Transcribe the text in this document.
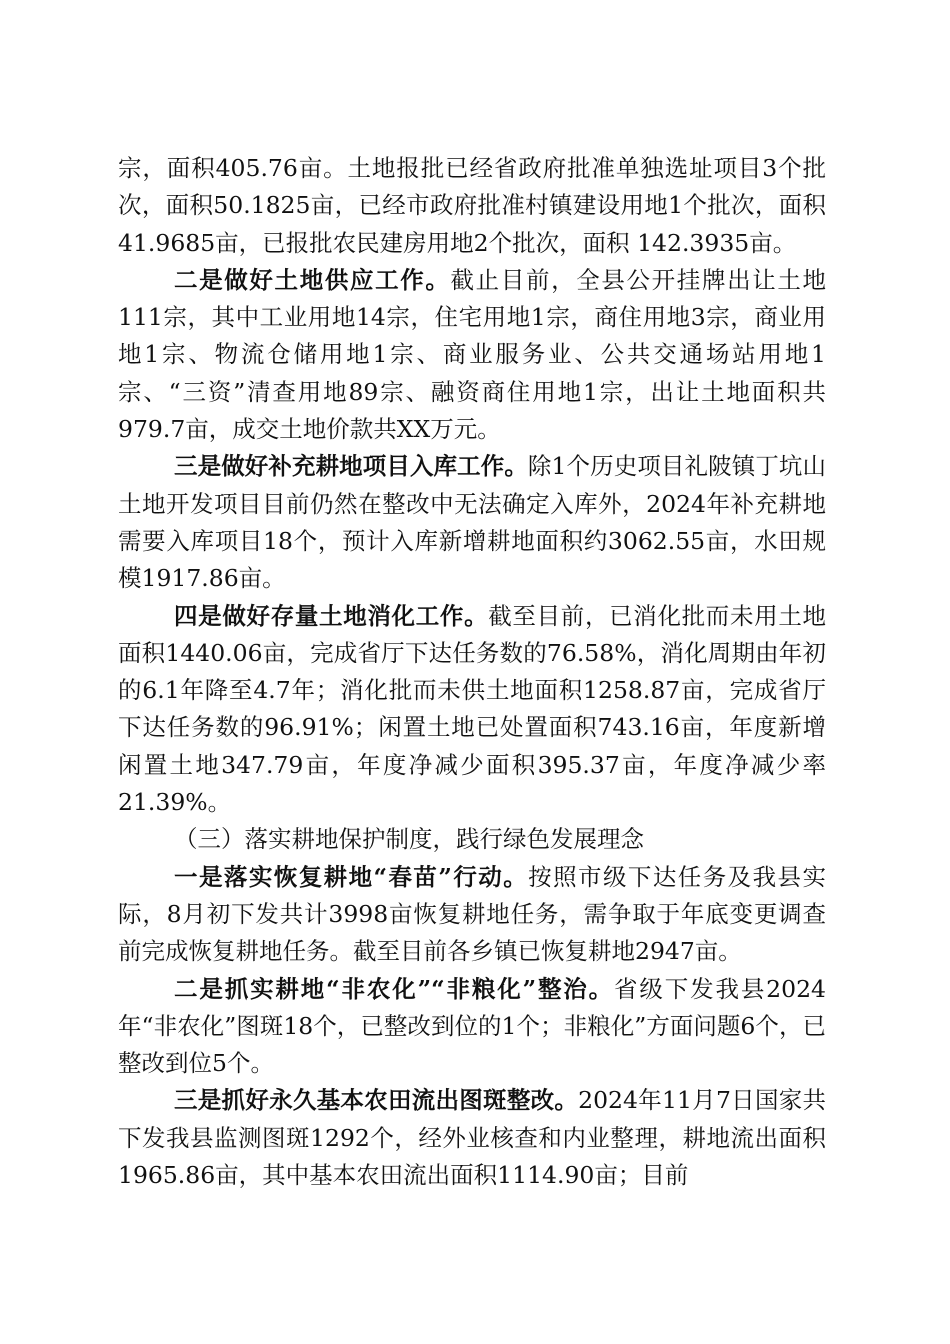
宗，面积405.76亩。土地报批已经省政府批准单独选址项目3个批次，面积50.1825亩，已经市政府批准村镇建设用地1个批次，面积41.9685亩，已报批农民建房用地2个批次，面积 142.3935亩。

二是做好土地供应工作。截止目前，全县公开挂牌出让土地111宗，其中工业用地14宗，住宅用地1宗，商住用地3宗，商业用地1宗、物流仓储用地1宗、商业服务业、公共交通场站用地1宗、“三资”清查用地89宗、融资商住用地1宗，出让土地面积共979.7亩，成交土地价款共XX万元。

三是做好补充耕地项目入库工作。除1个历史项目礼陂镇丁坑山土地开发项目目前仍然在整改中无法确定入库外，2024年补充耕地需要入库项目18个，预计入库新增耕地面积约3062.55亩，水田规模1917.86亩。

四是做好存量土地消化工作。截至目前，已消化批而未用土地面积1440.06亩，完成省厅下达任务数的76.58%，消化周期由年初的6.1年降至4.7年；消化批而未供土地面积1258.87亩，完成省厅下达任务数的96.91%；闲置土地已处置面积743.16亩，年度新增闲置土地347.79亩，年度净减少面积395.37亩，年度净减少率21.39%。

（三）落实耕地保护制度，践行绿色发展理念

一是落实恢复耕地“春苗”行动。按照市级下达任务及我县实际，8月初下发共计3998亩恢复耕地任务，需争取于年底变更调查前完成恢复耕地任务。截至目前各乡镇已恢复耕地2947亩。

二是抓实耕地“非农化”“非粮化”整治。省级下发我县2024年“非农化”图斑18个，已整改到位的1个；非粮化”方面问题6个，已整改到位5个。

三是抓好永久基本农田流出图斑整改。2024年11月7日国家共下发我县监测图斑1292个，经外业核查和内业整理，耕地流出面积1965.86亩，其中基本农田流出面积1114.90亩；目前
